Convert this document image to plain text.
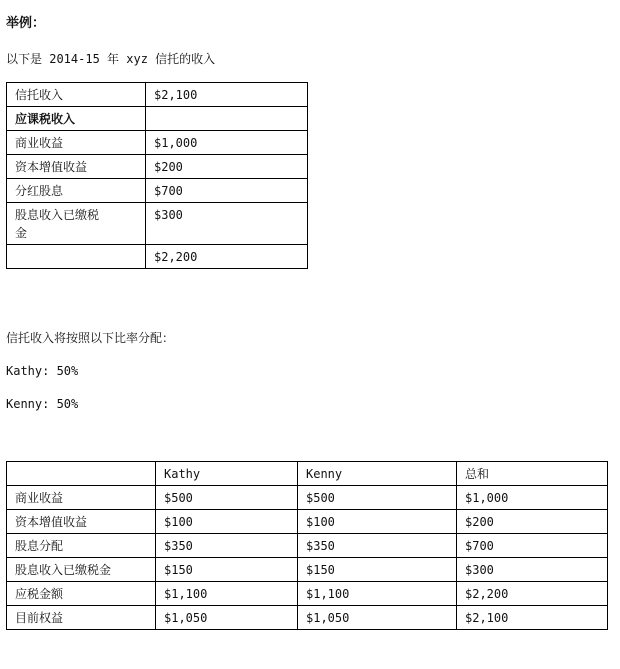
举例：
以下是 2014-15 年 xyz 信托的收入
信托收入	$2,100
应课税收入	
商业收益	$1,000
资本增值收益	$200
分红股息	$700
股息收入已缴税金	$300
	$2,200
信托收入将按照以下比率分配：
Kathy: 50%
Kenny: 50%
	Kathy	Kenny	总和
商业收益	$500	$500	$1,000
资本增值收益	$100	$100	$200
股息分配	$350	$350	$700
股息收入已缴税金	$150	$150	$300
应税金额	$1,100	$1,100	$2,200
目前权益	$1,050	$1,050	$2,100
